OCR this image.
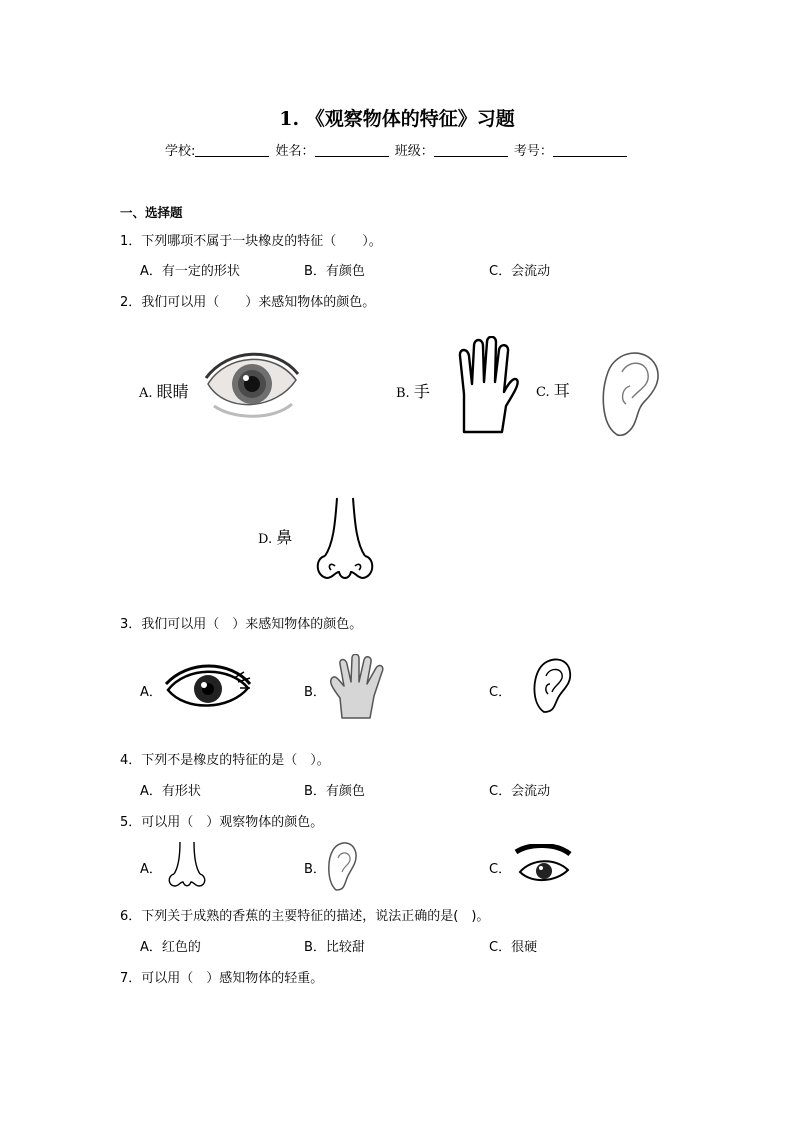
1. 《观察物体的特征》习题
学校:	姓名：	班级：	考号：
一、选择题
1．下列哪项不属于一块橡皮的特征（　　）。
A．有一定的形状	B．有颜色	C．会流动
2．我们可以用（　　）来感知物体的颜色。
A. 眼睛	B. 手	C. 耳
D. 鼻
3．我们可以用（　）来感知物体的颜色。
A．	B．	C．
4．下列不是橡皮的特征的是（　）。
A．有形状	B．有颜色	C．会流动
5．可以用（　）观察物体的颜色。
A．	B．	C．
6．下列关于成熟的香蕉的主要特征的描述，说法正确的是(　)。
A．红色的	B．比较甜	C．很硬
7．可以用（　）感知物体的轻重。
